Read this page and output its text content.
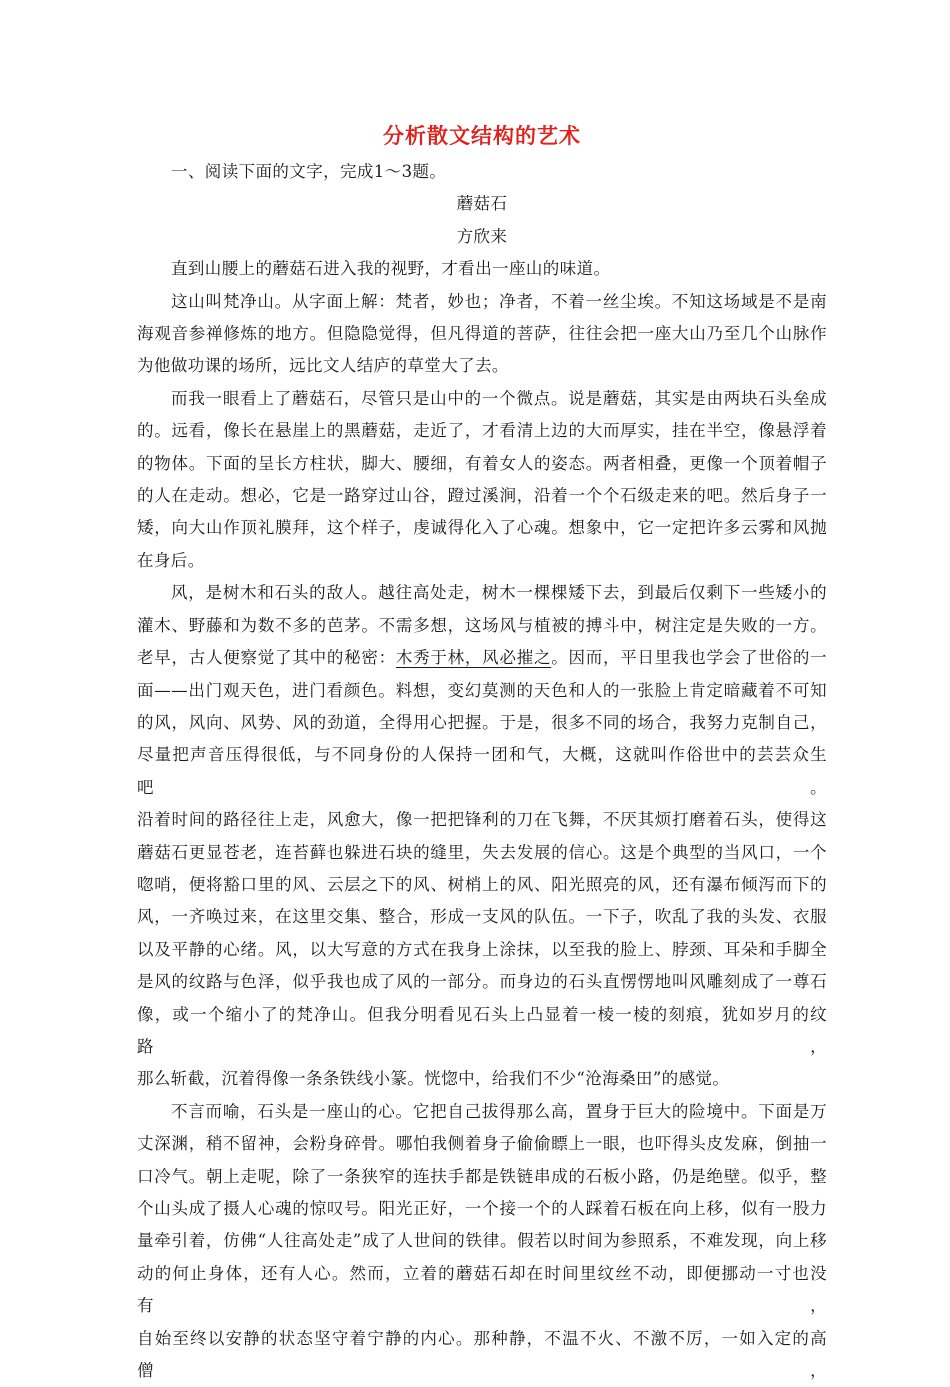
分析散文结构的艺术
一、阅读下面的文字，完成1～3题。
蘑菇石
方欣来
直到山腰上的蘑菇石进入我的视野，才看出一座山的味道。
这山叫梵净山。从字面上解：梵者，妙也；净者，不着一丝尘埃。不知这场域是不是南
海观音参禅修炼的地方。但隐隐觉得，但凡得道的菩萨，往往会把一座大山乃至几个山脉作
为他做功课的场所，远比文人结庐的草堂大了去。
而我一眼看上了蘑菇石，尽管只是山中的一个微点。说是蘑菇，其实是由两块石头垒成
的。远看，像长在悬崖上的黑蘑菇，走近了，才看清上边的大而厚实，挂在半空，像悬浮着
的物体。下面的呈长方柱状，脚大、腰细，有着女人的姿态。两者相叠，更像一个顶着帽子
的人在走动。想必，它是一路穿过山谷，蹬过溪涧，沿着一个个石级走来的吧。然后身子一
矮，向大山作顶礼膜拜，这个样子，虔诚得化入了心魂。想象中，它一定把许多云雾和风抛
在身后。
风，是树木和石头的敌人。越往高处走，树木一棵棵矮下去，到最后仅剩下一些矮小的
灌木、野藤和为数不多的芭茅。不需多想，这场风与植被的搏斗中，树注定是失败的一方。
老早，古人便察觉了其中的秘密：木秀于林，风必摧之。因而，平日里我也学会了世俗的一
面——出门观天色，进门看颜色。料想，变幻莫测的天色和人的一张脸上肯定暗藏着不可知
的风，风向、风势、风的劲道，全得用心把握。于是，很多不同的场合，我努力克制自己，
尽量把声音压得很低，与不同身份的人保持一团和气，大概，这就叫作俗世中的芸芸众生吧。
沿着时间的路径往上走，风愈大，像一把把锋利的刀在飞舞，不厌其烦打磨着石头，使得这
蘑菇石更显苍老，连苔藓也躲进石块的缝里，失去发展的信心。这是个典型的当风口，一个
唿哨，便将豁口里的风、云层之下的风、树梢上的风、阳光照亮的风，还有瀑布倾泻而下的
风，一齐唤过来，在这里交集、整合，形成一支风的队伍。一下子，吹乱了我的头发、衣服
以及平静的心绪。风，以大写意的方式在我身上涂抹，以至我的脸上、脖颈、耳朵和手脚全
是风的纹路与色泽，似乎我也成了风的一部分。而身边的石头直愣愣地叫风雕刻成了一尊石
像，或一个缩小了的梵净山。但我分明看见石头上凸显着一棱一棱的刻痕，犹如岁月的纹路，
那么斩截，沉着得像一条条铁线小篆。恍惚中，给我们不少“沧海桑田”的感觉。
不言而喻，石头是一座山的心。它把自己拔得那么高，置身于巨大的险境中。下面是万
丈深渊，稍不留神，会粉身碎骨。哪怕我侧着身子偷偷瞟上一眼，也吓得头皮发麻，倒抽一
口冷气。朝上走呢，除了一条狭窄的连扶手都是铁链串成的石板小路，仍是绝壁。似乎，整
个山头成了摄人心魂的惊叹号。阳光正好，一个接一个的人踩着石板在向上移，似有一股力
量牵引着，仿佛“人往高处走”成了人世间的铁律。假若以时间为参照系，不难发现，向上移
动的何止身体，还有人心。然而，立着的蘑菇石却在时间里纹丝不动，即便挪动一寸也没有，
自始至终以安静的状态坚守着宁静的内心。那种静，不温不火、不激不厉，一如入定的高僧，
